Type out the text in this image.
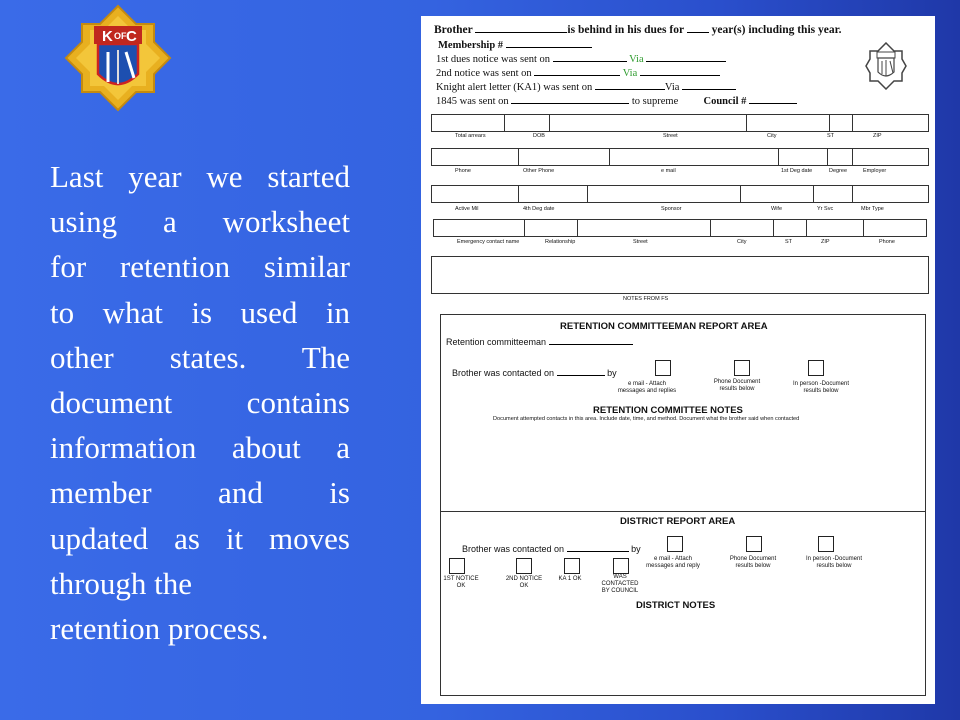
K OF C
Last year we started
using a worksheet
for retention similar
to what is used in
other states. The
document contains
information about a
member and is
updated as it moves
through the
retention process.
Brother	is behind in his dues for year(s) including this year.
Membership #
1st dues notice was sent on	Via
2nd notice was sent on	Via
Knight alert letter (KA1) was sent on	Via
1845 was sent on	to supreme Council #
Total arrears	DOB	Street	City	ST	ZIP
Phone	Other Phone	e mail	1st Deg date	Degree	Employer
Active Mil	4th Deg date	Sponsor	Wife	Yr Svc	Mbr Type
Emergency contact name	Relationship	Street	City	ST	ZIP	Phone
NOTES FROM FS
RETENTION COMMITTEEMAN REPORT AREA
Retention committeeman
Brother was contacted on	by
e mail - Attach messages and replies
Phone Document results below
In person -Document results below
RETENTION COMMITTEE NOTES
Document attempted contacts in this area. Include date, time, and method. Document what the brother said when contacted
DISTRICT REPORT AREA
Brother was contacted on	by
e mail - Attach messages and reply
Phone Document results below
In person -Document results below
1ST NOTICE OK
2ND NOTICE OK
KA 1 OK	WAS CONTACTED BY COUNCIL
DISTRICT NOTES
